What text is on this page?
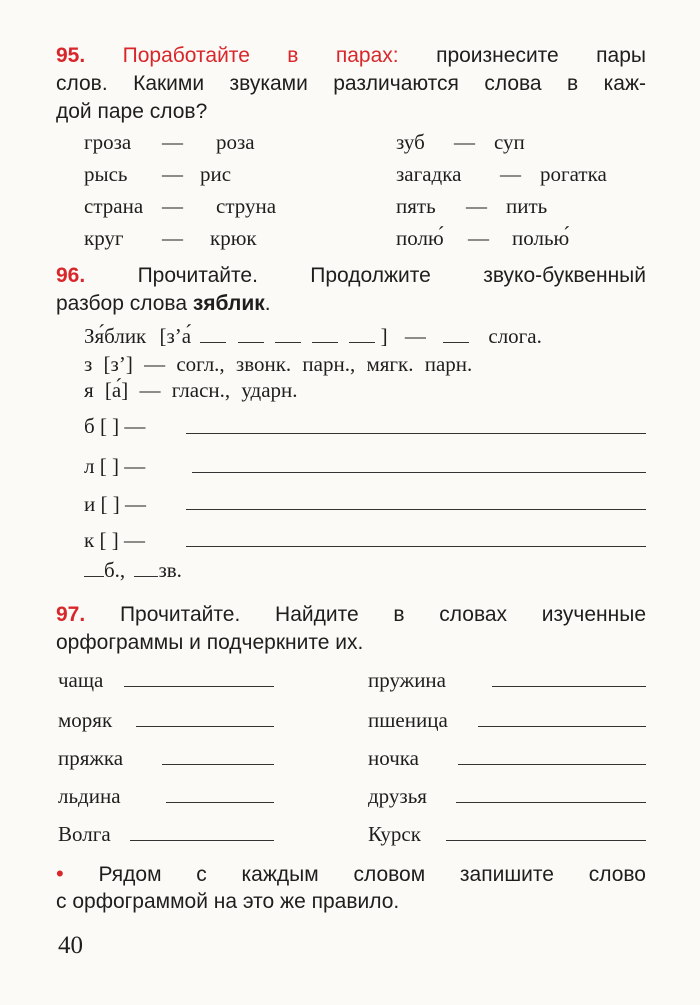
95. Поработайте в парах: произнесите пары
слов. Какими звуками различаются слова в каж-
дой паре слов?
гроза — роза
рысь — рис
страна — струна
круг — крюк
зуб — суп
загадка — рогатка
пять — пить
полю́ — полью́
96. Прочитайте. Продолжите звуко-буквенный
разбор слова зяблик.
Зя́блик [з’а́	] —	слога.
з [з’] — согл., звонк. парн., мягк. парн.
я [а́] — гласн., ударн.
б [ ] —
л [ ] —
и [ ] —
к [ ] —
б., зв.
97. Прочитайте. Найдите в словах изученные
орфограммы и подчеркните их.
чаща
моряк
пряжка
льдина
Волга
пружина
пшеница
ночка
друзья
Курск
• Рядом с каждым словом запишите слово
с орфограммой на это же правило.
40
